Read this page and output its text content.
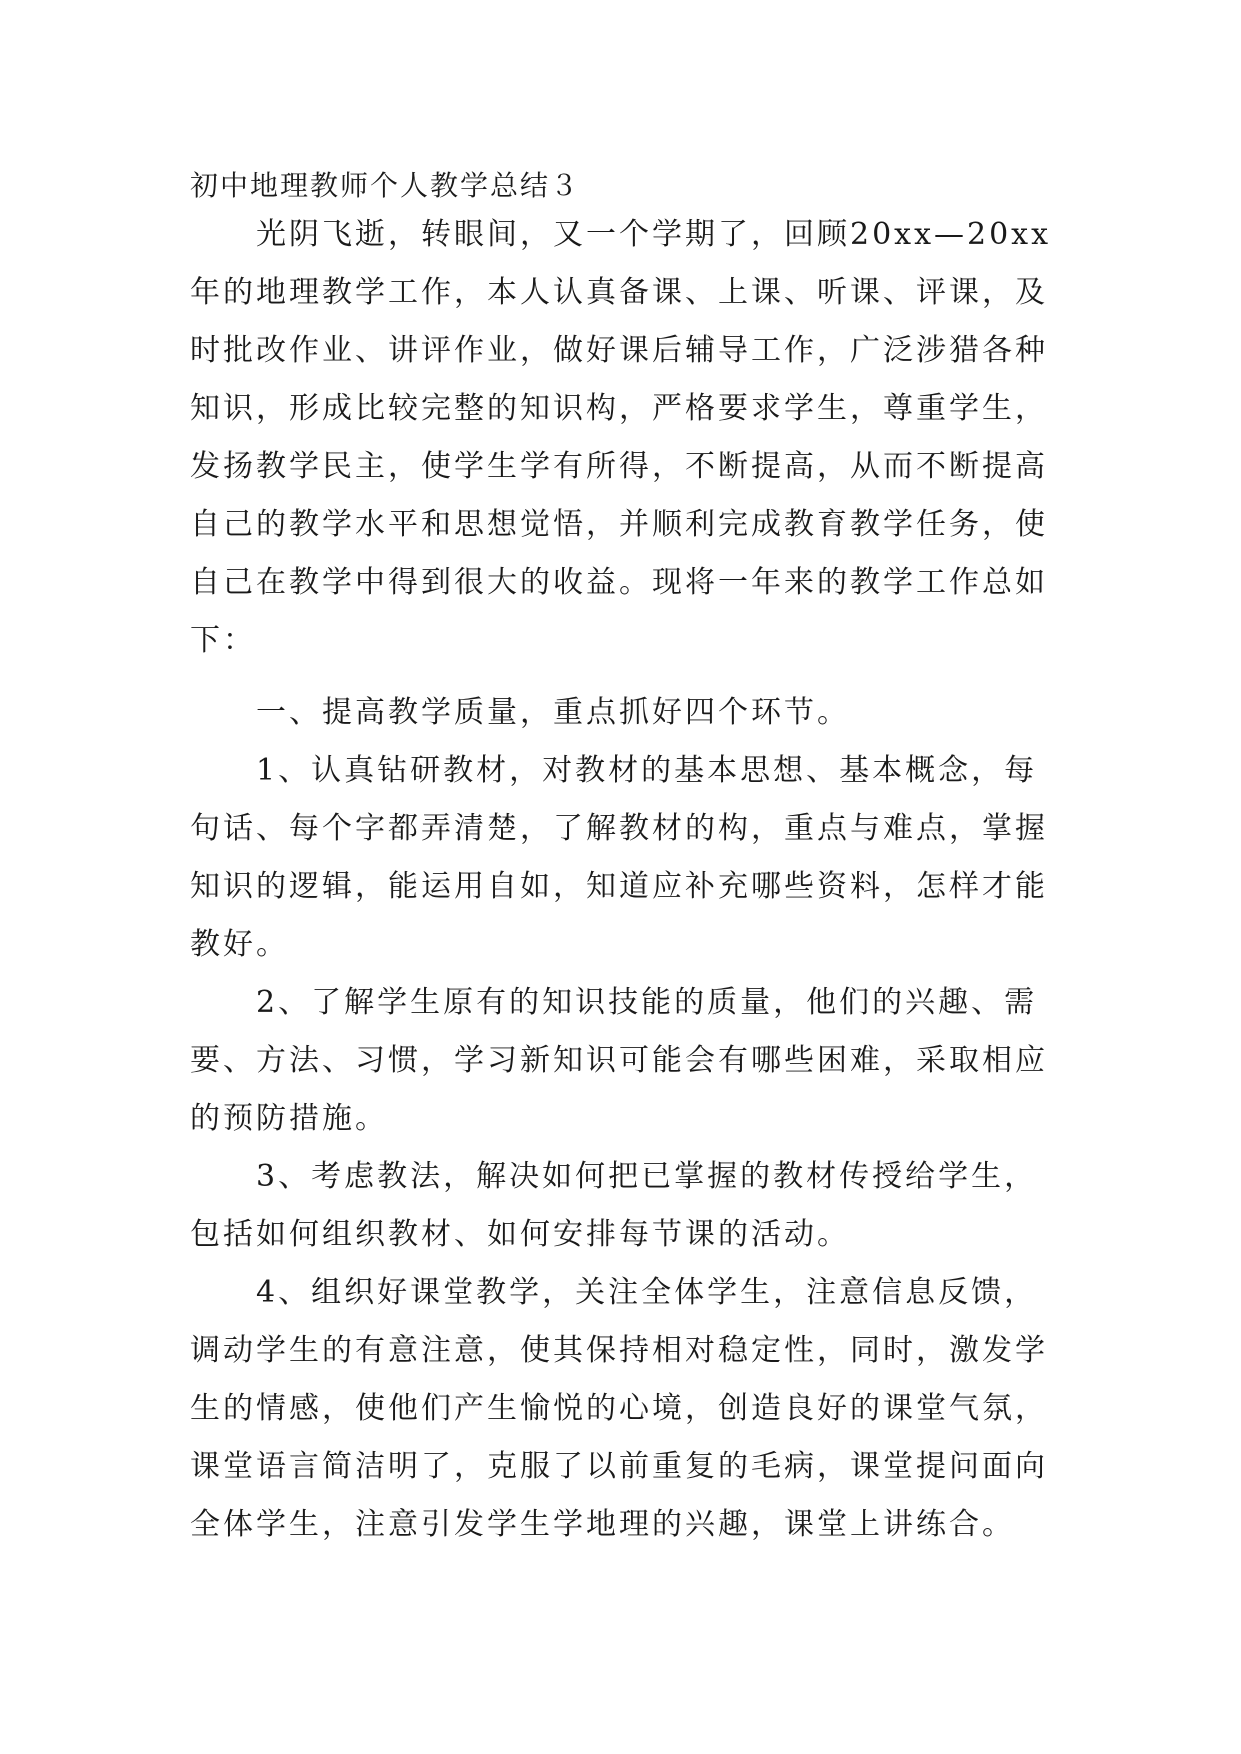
初中地理教师个人教学总结３
光阴飞逝，转眼间，又一个学期了，回顾20xx—20xx
年的地理教学工作，本人认真备课、上课、听课、评课，及
时批改作业、讲评作业，做好课后辅导工作，广泛涉猎各种
知识，形成比较完整的知识构，严格要求学生，尊重学生，
发扬教学民主，使学生学有所得，不断提高，从而不断提高
自己的教学水平和思想觉悟，并顺利完成教育教学任务，使
自己在教学中得到很大的收益。现将一年来的教学工作总如
下：
一、提高教学质量，重点抓好四个环节。
1、认真钻研教材，对教材的基本思想、基本概念，每
句话、每个字都弄清楚，了解教材的构，重点与难点，掌握
知识的逻辑，能运用自如，知道应补充哪些资料，怎样才能
教好。
2、了解学生原有的知识技能的质量，他们的兴趣、需
要、方法、习惯，学习新知识可能会有哪些困难，采取相应
的预防措施。
3、考虑教法，解决如何把已掌握的教材传授给学生，
包括如何组织教材、如何安排每节课的活动。
4、组织好课堂教学，关注全体学生，注意信息反馈，
调动学生的有意注意，使其保持相对稳定性，同时，激发学
生的情感，使他们产生愉悦的心境，创造良好的课堂气氛，
课堂语言简洁明了，克服了以前重复的毛病，课堂提问面向
全体学生，注意引发学生学地理的兴趣，课堂上讲练合。
